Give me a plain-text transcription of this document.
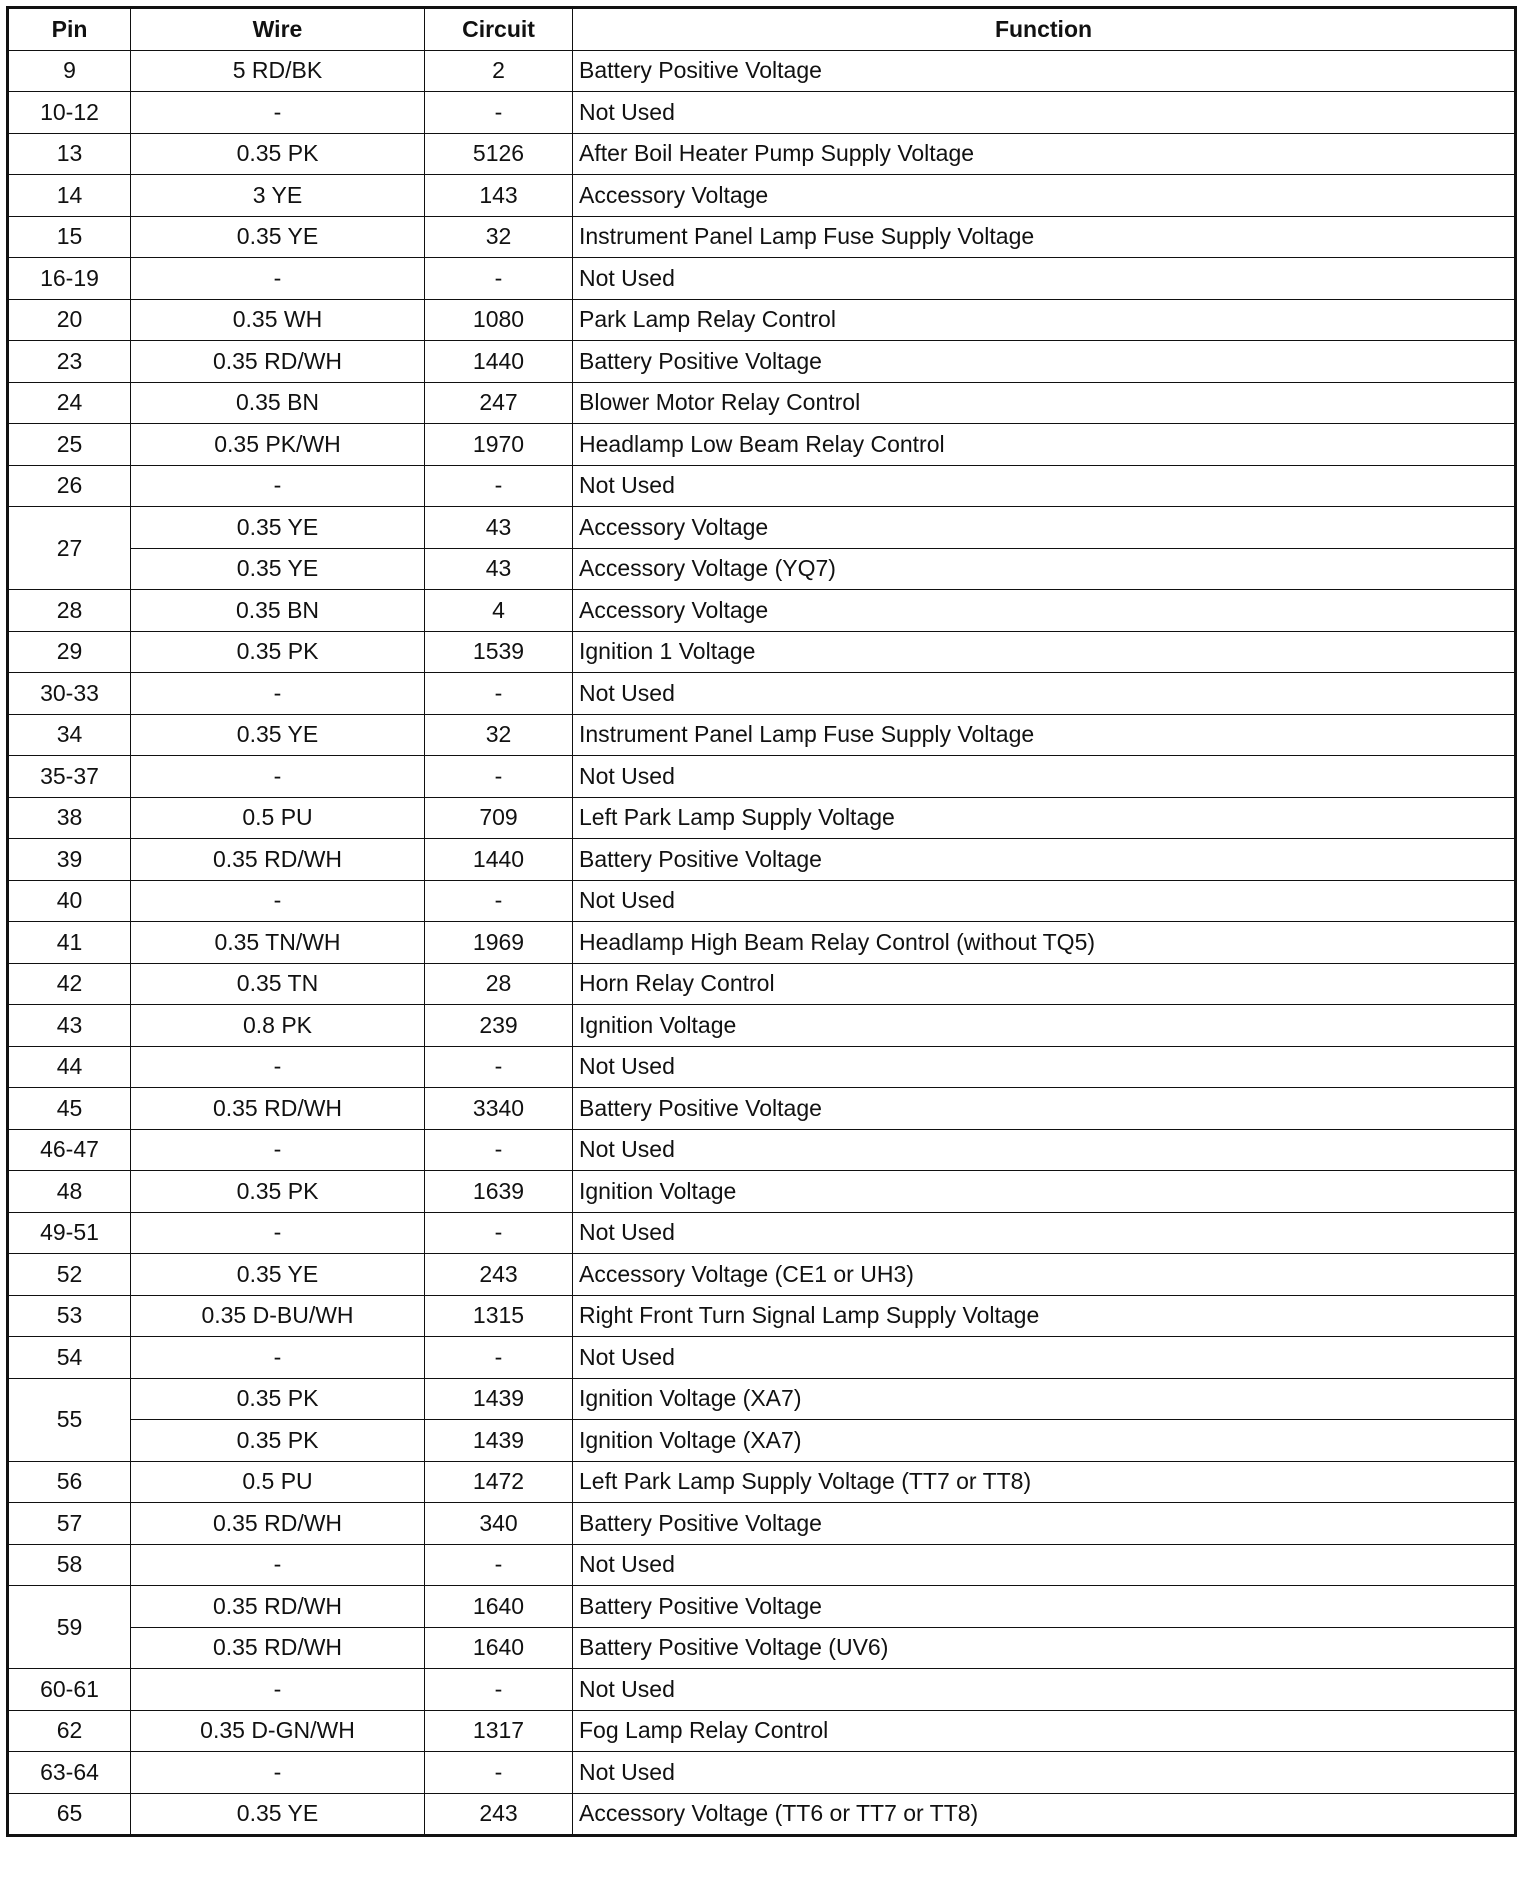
Pin	Wire	Circuit	Function
9	5 RD/BK	2	Battery Positive Voltage
10-12	-	-	Not Used
13	0.35 PK	5126	After Boil Heater Pump Supply Voltage
14	3 YE	143	Accessory Voltage
15	0.35 YE	32	Instrument Panel Lamp Fuse Supply Voltage
16-19	-	-	Not Used
20	0.35 WH	1080	Park Lamp Relay Control
23	0.35 RD/WH	1440	Battery Positive Voltage
24	0.35 BN	247	Blower Motor Relay Control
25	0.35 PK/WH	1970	Headlamp Low Beam Relay Control
26	-	-	Not Used
27	0.35 YE	43	Accessory Voltage
	0.35 YE	43	Accessory Voltage (YQ7)
28	0.35 BN	4	Accessory Voltage
29	0.35 PK	1539	Ignition 1 Voltage
30-33	-	-	Not Used
34	0.35 YE	32	Instrument Panel Lamp Fuse Supply Voltage
35-37	-	-	Not Used
38	0.5 PU	709	Left Park Lamp Supply Voltage
39	0.35 RD/WH	1440	Battery Positive Voltage
40	-	-	Not Used
41	0.35 TN/WH	1969	Headlamp High Beam Relay Control (without TQ5)
42	0.35 TN	28	Horn Relay Control
43	0.8 PK	239	Ignition Voltage
44	-	-	Not Used
45	0.35 RD/WH	3340	Battery Positive Voltage
46-47	-	-	Not Used
48	0.35 PK	1639	Ignition Voltage
49-51	-	-	Not Used
52	0.35 YE	243	Accessory Voltage (CE1 or UH3)
53	0.35 D-BU/WH	1315	Right Front Turn Signal Lamp Supply Voltage
54	-	-	Not Used
55	0.35 PK	1439	Ignition Voltage (XA7)
	0.35 PK	1439	Ignition Voltage (XA7)
56	0.5 PU	1472	Left Park Lamp Supply Voltage (TT7 or TT8)
57	0.35 RD/WH	340	Battery Positive Voltage
58	-	-	Not Used
59	0.35 RD/WH	1640	Battery Positive Voltage
	0.35 RD/WH	1640	Battery Positive Voltage (UV6)
60-61	-	-	Not Used
62	0.35 D-GN/WH	1317	Fog Lamp Relay Control
63-64	-	-	Not Used
65	0.35 YE	243	Accessory Voltage (TT6 or TT7 or TT8)
